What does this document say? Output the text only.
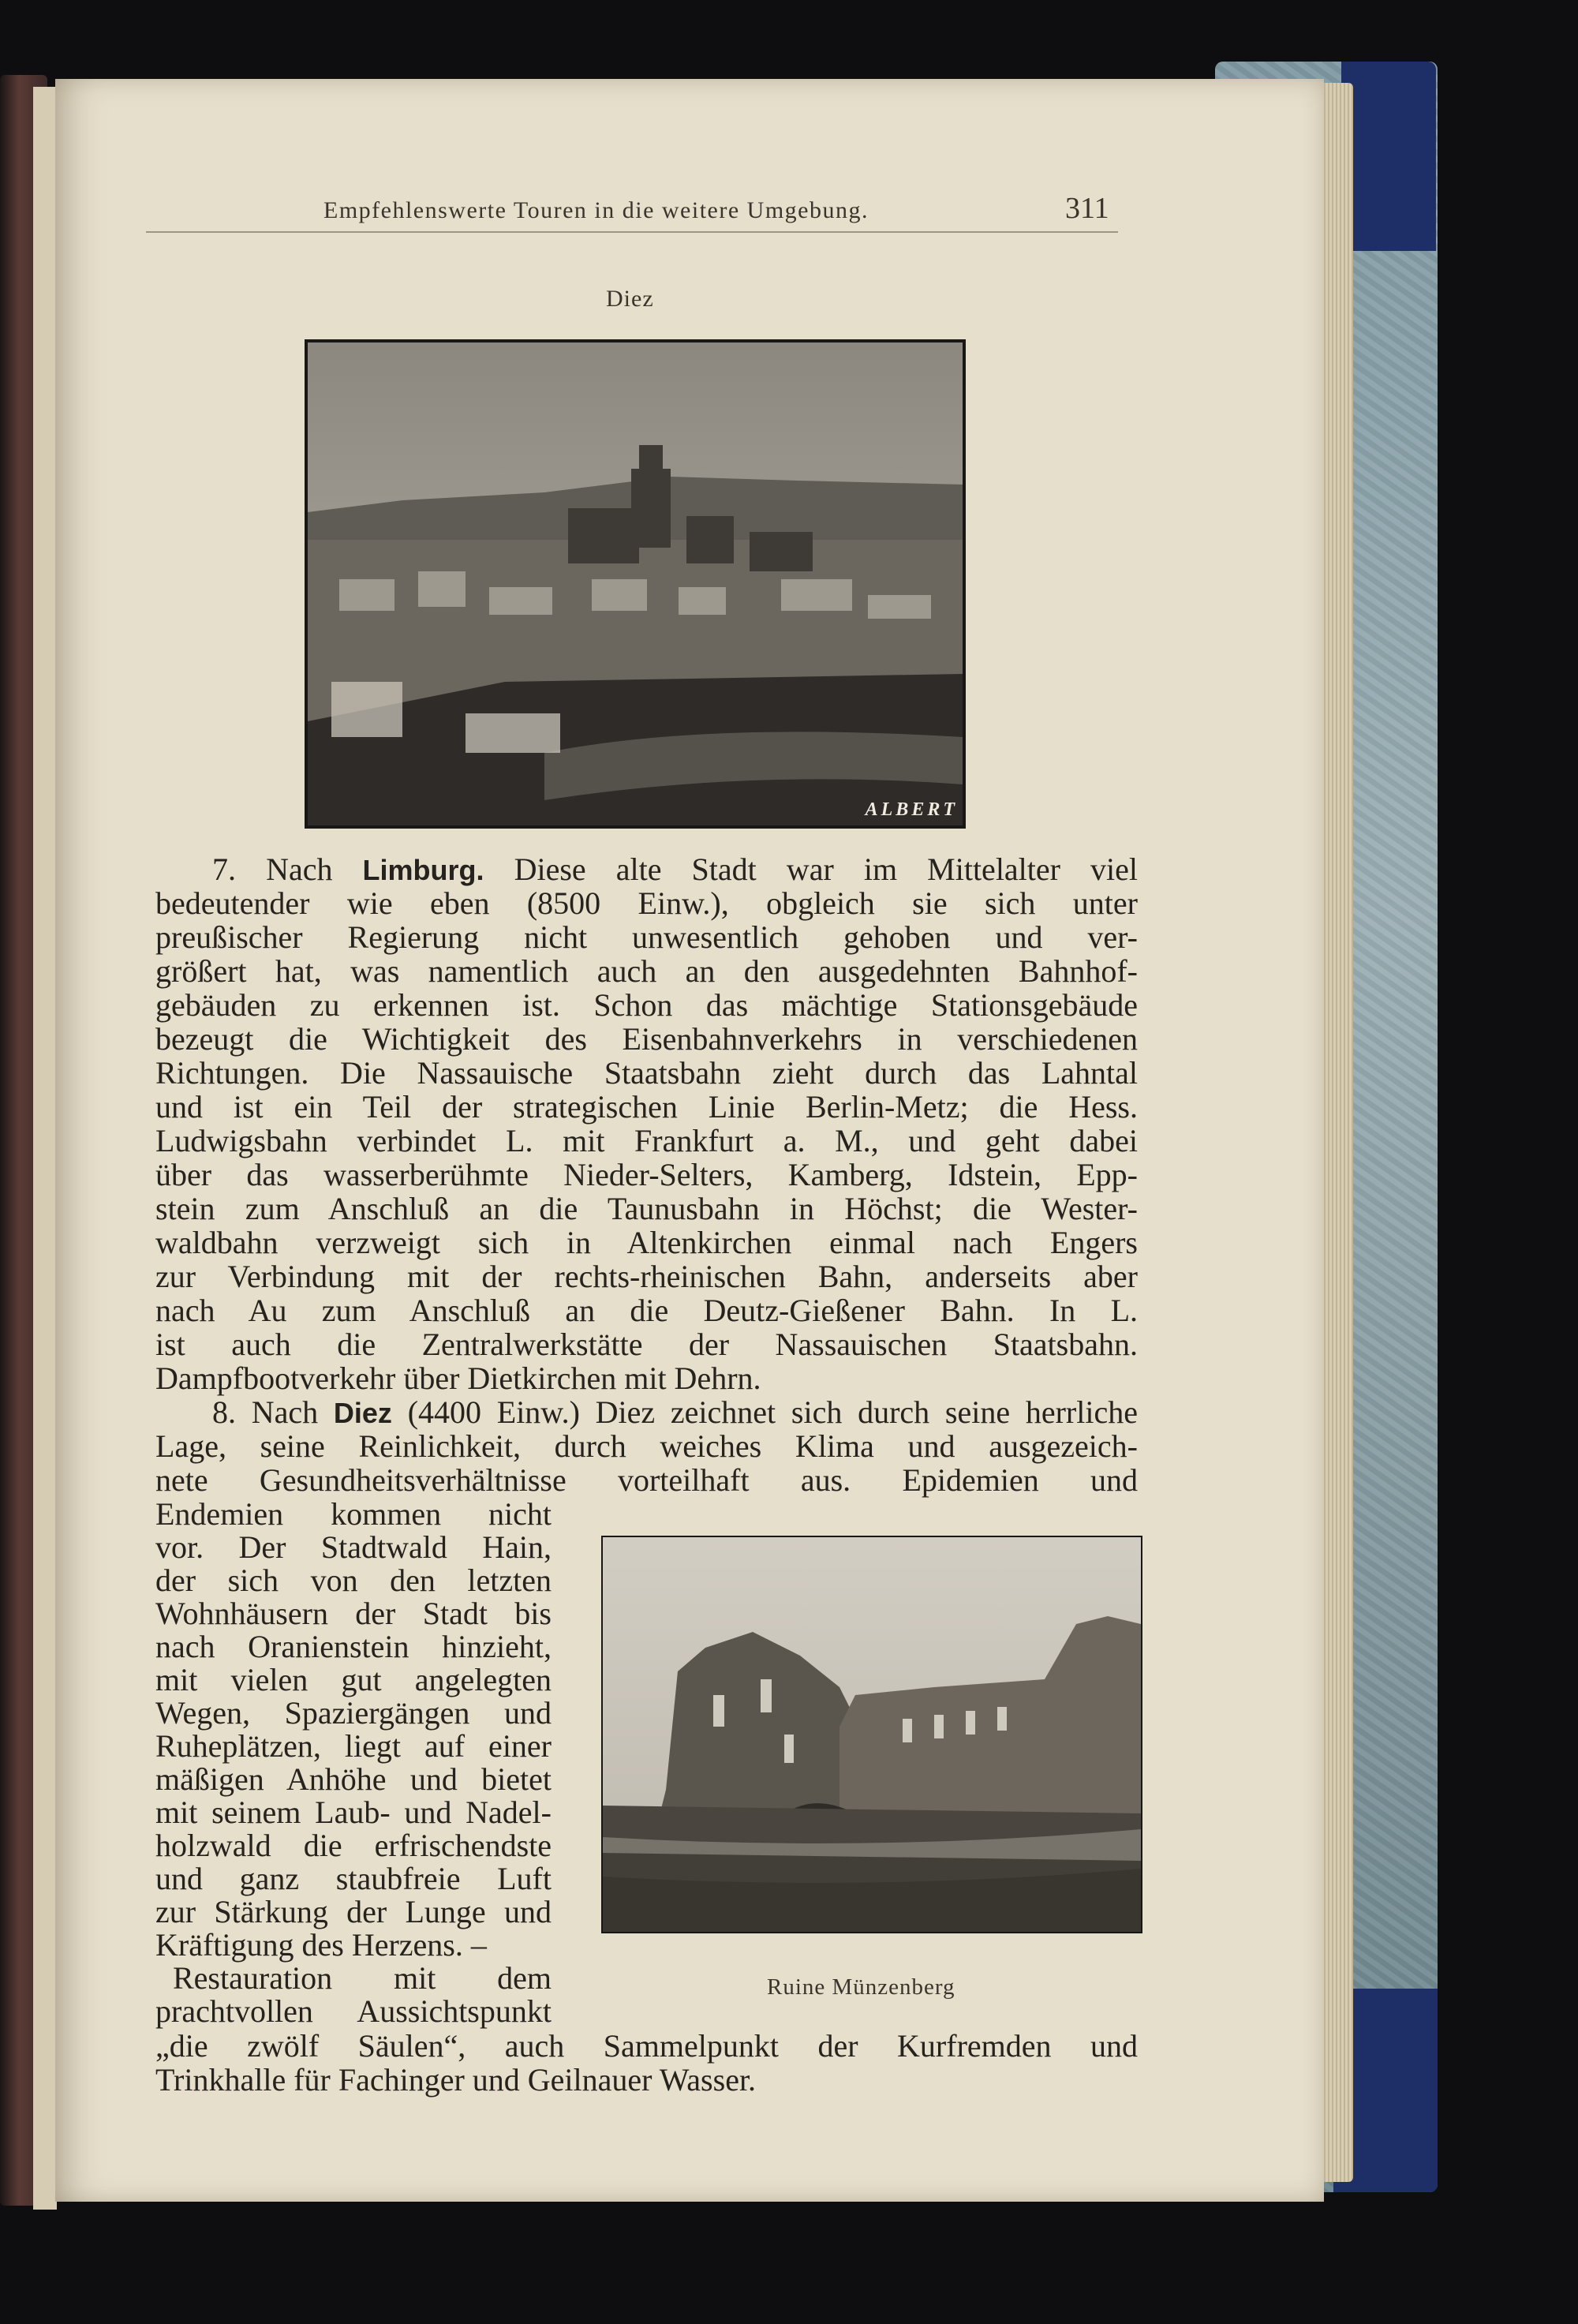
Empfehlenswerte Touren in die weitere Umgebung.	311
Diez
ALBERT
7. Nach Limburg. Diese alte Stadt war im Mittelalter viel
bedeutender wie eben (8500 Einw.), obgleich sie sich unter
preußischer Regierung nicht unwesentlich gehoben und ver-
größert hat, was namentlich auch an den ausgedehnten Bahnhof-
gebäuden zu erkennen ist. Schon das mächtige Stationsgebäude
bezeugt die Wichtigkeit des Eisenbahnverkehrs in verschiedenen
Richtungen. Die Nassauische Staatsbahn zieht durch das Lahntal
und ist ein Teil der strategischen Linie Berlin-Metz; die Hess.
Ludwigsbahn verbindet L. mit Frankfurt a. M., und geht dabei
über das wasserberühmte Nieder-Selters, Kamberg, Idstein, Epp-
stein zum Anschluß an die Taunusbahn in Höchst; die Wester-
waldbahn verzweigt sich in Altenkirchen einmal nach Engers
zur Verbindung mit der rechts-rheinischen Bahn, anderseits aber
nach Au zum Anschluß an die Deutz-Gießener Bahn. In L.
ist auch die Zentralwerkstätte der Nassauischen Staatsbahn.
Dampfbootverkehr über Dietkirchen mit Dehrn.
8. Nach Diez (4400 Einw.) Diez zeichnet sich durch seine herrliche
Lage, seine Reinlichkeit, durch weiches Klima und ausgezeich-
nete Gesundheitsverhältnisse vorteilhaft aus. Epidemien und
Endemien kommen nicht
vor. Der Stadtwald Hain,
der sich von den letzten
Wohnhäusern der Stadt bis
nach Oranienstein hinzieht,
mit vielen gut angelegten
Wegen, Spaziergängen und
Ruheplätzen, liegt auf einer
mäßigen Anhöhe und bietet
mit seinem Laub- und Nadel-
holzwald die erfrischendste
und ganz staubfreie Luft
zur Stärkung der Lunge und
Kräftigung des Herzens. –
Restauration mit dem
prachtvollen Aussichtspunkt
„die zwölf Säulen“, auch Sammelpunkt der Kurfremden und
Trinkhalle für Fachinger und Geilnauer Wasser.
Ruine Münzenberg
